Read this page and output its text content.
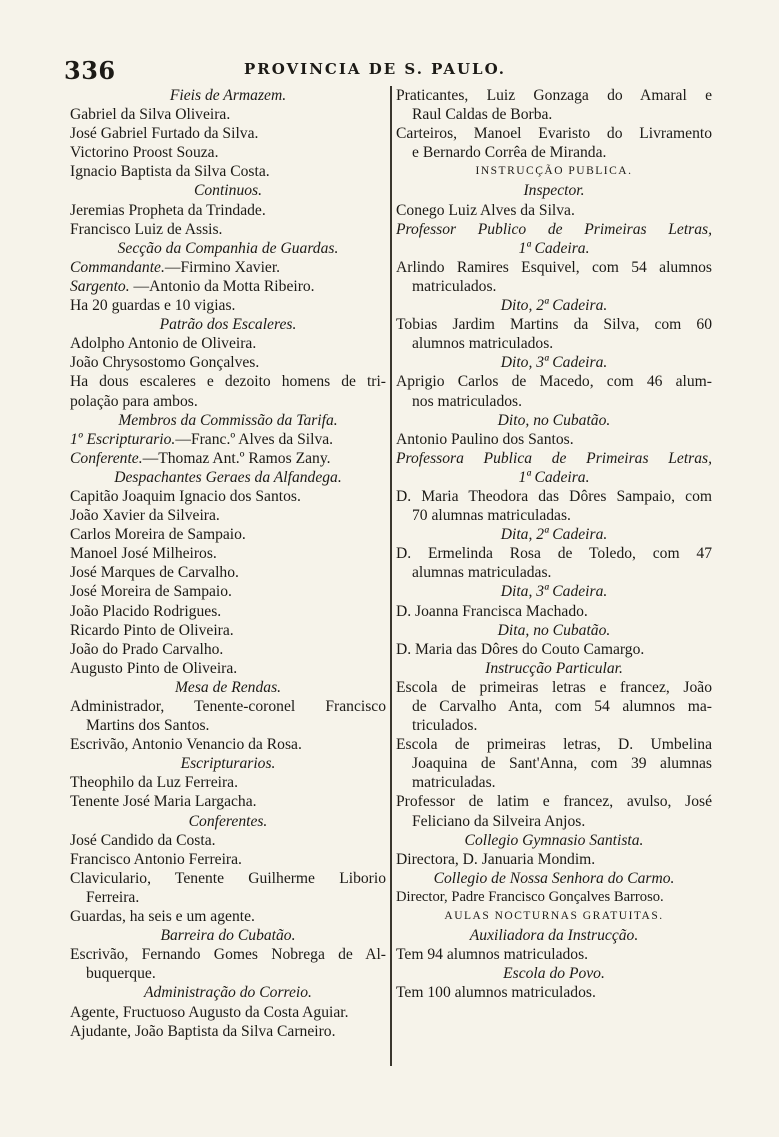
336	PROVINCIA DE S. PAULO.
Fieis de Armazem.
Gabriel da Silva Oliveira.
José Gabriel Furtado da Silva.
Victorino Proost Souza.
Ignacio Baptista da Silva Costa.
Continuos.
Jeremias Propheta da Trindade.
Francisco Luiz de Assis.
Secção da Companhia de Guardas.
Commandante.—Firmino Xavier.
Sargento. —Antonio da Motta Ribeiro.
Ha 20 guardas e 10 vigias.
Patrão dos Escaleres.
Adolpho Antonio de Oliveira.
João Chrysostomo Gonçalves.
Ha dous escaleres e dezoito homens de tri-
polação para ambos.
Membros da Commissão da Tarifa.
1º Escripturario.—Franc.º Alves da Silva.
Conferente.—Thomaz Ant.º Ramos Zany.
Despachantes Geraes da Alfandega.
Capitão Joaquim Ignacio dos Santos.
João Xavier da Silveira.
Carlos Moreira de Sampaio.
Manoel José Milheiros.
José Marques de Carvalho.
José Moreira de Sampaio.
João Placido Rodrigues.
Ricardo Pinto de Oliveira.
João do Prado Carvalho.
Augusto Pinto de Oliveira.
Mesa de Rendas.
Administrador, Tenente-coronel Francisco
Martins dos Santos.
Escrivão, Antonio Venancio da Rosa.
Escripturarios.
Theophilo da Luz Ferreira.
Tenente José Maria Largacha.
Conferentes.
José Candido da Costa.
Francisco Antonio Ferreira.
Claviculario, Tenente Guilherme Liborio
Ferreira.
Guardas, ha seis e um agente.
Barreira do Cubatão.
Escrivão, Fernando Gomes Nobrega de Al-
buquerque.
Administração do Correio.
Agente, Fructuoso Augusto da Costa Aguiar.
Ajudante, João Baptista da Silva Carneiro.
Praticantes, Luiz Gonzaga do Amaral e
Raul Caldas de Borba.
Carteiros, Manoel Evaristo do Livramento
e Bernardo Corrêa de Miranda.
INSTRUCÇÃO PUBLICA.
Inspector.
Conego Luiz Alves da Silva.
Professor Publico de Primeiras Letras,
1ª Cadeira.
Arlindo Ramires Esquivel, com 54 alumnos
matriculados.
Dito, 2ª Cadeira.
Tobias Jardim Martins da Silva, com 60
alumnos matriculados.
Dito, 3ª Cadeira.
Aprigio Carlos de Macedo, com 46 alum-
nos matriculados.
Dito, no Cubatão.
Antonio Paulino dos Santos.
Professora Publica de Primeiras Letras,
1ª Cadeira.
D. Maria Theodora das Dôres Sampaio, com
70 alumnas matriculadas.
Dita, 2ª Cadeira.
D. Ermelinda Rosa de Toledo, com 47
alumnas matriculadas.
Dita, 3ª Cadeira.
D. Joanna Francisca Machado.
Dita, no Cubatão.
D. Maria das Dôres do Couto Camargo.
Instrucção Particular.
Escola de primeiras letras e francez, João
de Carvalho Anta, com 54 alumnos ma-
triculados.
Escola de primeiras letras, D. Umbelina
Joaquina de Sant'Anna, com 39 alumnas
matriculadas.
Professor de latim e francez, avulso, José
Feliciano da Silveira Anjos.
Collegio Gymnasio Santista.
Directora, D. Januaria Mondim.
Collegio de Nossa Senhora do Carmo.
Director, Padre Francisco Gonçalves Barroso.
AULAS NOCTURNAS GRATUITAS.
Auxiliadora da Instrucção.
Tem 94 alumnos matriculados.
Escola do Povo.
Tem 100 alumnos matriculados.
